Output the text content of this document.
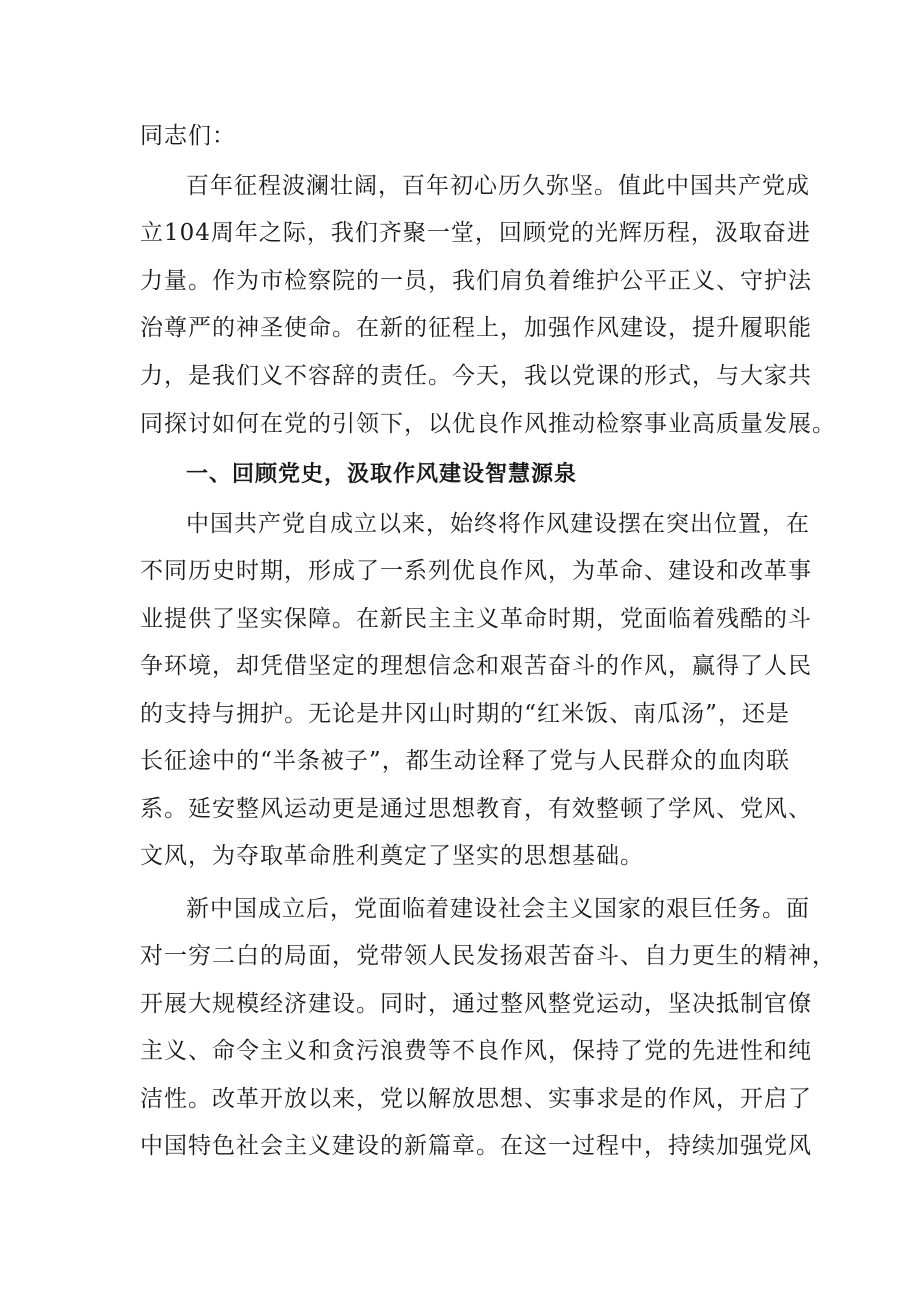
同志们：
百年征程波澜壮阔，百年初心历久弥坚。值此中国共产党成
立104周年之际，我们齐聚一堂，回顾党的光辉历程，汲取奋进
力量。作为市检察院的一员，我们肩负着维护公平正义、守护法
治尊严的神圣使命。在新的征程上，加强作风建设，提升履职能
力，是我们义不容辞的责任。今天，我以党课的形式，与大家共
同探讨如何在党的引领下，以优良作风推动检察事业高质量发展。
一、回顾党史，汲取作风建设智慧源泉
中国共产党自成立以来，始终将作风建设摆在突出位置，在
不同历史时期，形成了一系列优良作风，为革命、建设和改革事
业提供了坚实保障。在新民主主义革命时期，党面临着残酷的斗
争环境，却凭借坚定的理想信念和艰苦奋斗的作风，赢得了人民
的支持与拥护。无论是井冈山时期的“红米饭、南瓜汤”，还是
长征途中的“半条被子”，都生动诠释了党与人民群众的血肉联
系。延安整风运动更是通过思想教育，有效整顿了学风、党风、
文风，为夺取革命胜利奠定了坚实的思想基础。
新中国成立后，党面临着建设社会主义国家的艰巨任务。面
对一穷二白的局面，党带领人民发扬艰苦奋斗、自力更生的精神，
开展大规模经济建设。同时，通过整风整党运动，坚决抵制官僚
主义、命令主义和贪污浪费等不良作风，保持了党的先进性和纯
洁性。改革开放以来，党以解放思想、实事求是的作风，开启了
中国特色社会主义建设的新篇章。在这一过程中，持续加强党风
